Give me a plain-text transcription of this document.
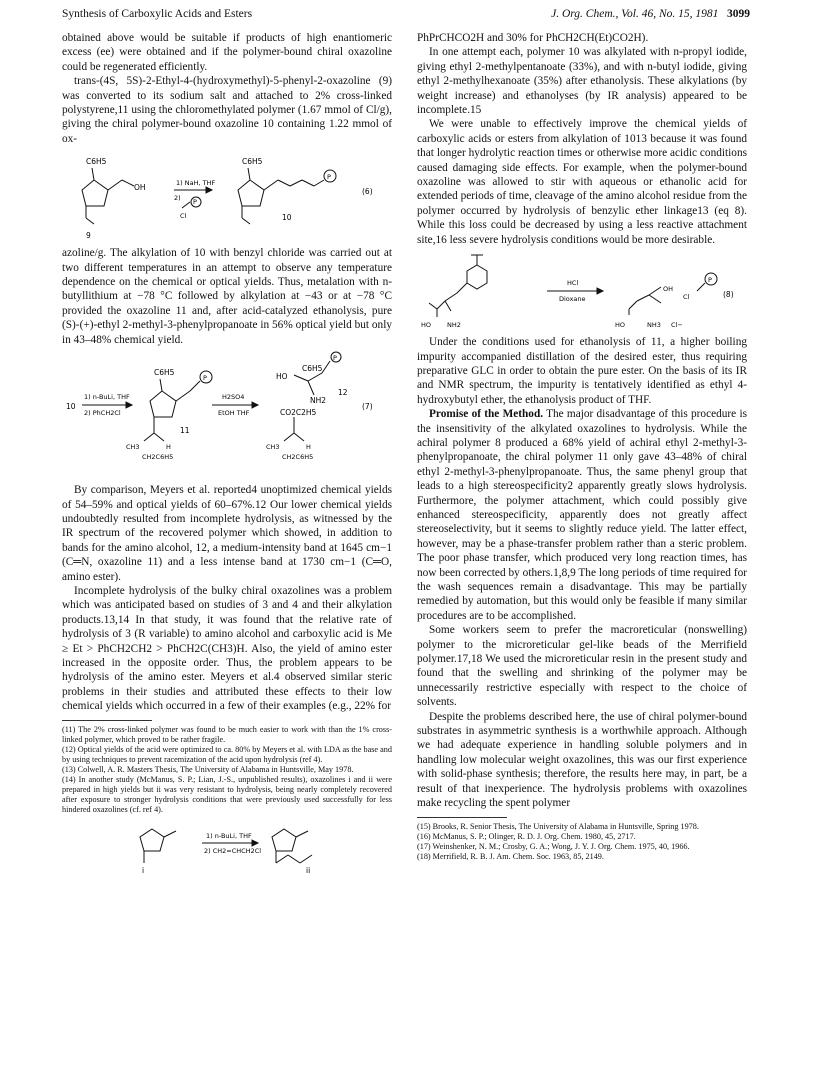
Synthesis of Carboxylic Acids and Esters	J. Org. Chem., Vol. 46, No. 15, 1981 3099

obtained above would be suitable if products of high enantiomeric excess (ee) were obtained and if the polymer-bound chiral oxazoline could be regenerated efficiently.

trans-(4S, 5S)-2-Ethyl-4-(hydroxymethyl)-5-phenyl-2-oxazoline (9) was converted to its sodium salt and attached to 2% cross-linked polystyrene,11 using the chloromethylated polymer (1.67 mmol of Cl/g), giving the chiral polymer-bound oxazoline 10 containing 1.22 mmol of ox-

C6H5
OH
9
1) NaH, THF
2) P
Cl
C6H5
P
10
(6)

azoline/g. The alkylation of 10 with benzyl chloride was carried out at two different temperatures in an attempt to observe any temperature dependence on the chemical or optical yields. Thus, metalation with n-butyllithium at −78 °C followed by alkylation at −43 or at −78 °C provided the oxazoline 11 and, after acid-catalyzed ethanolysis, pure (S)-(+)-ethyl 2-methyl-3-phenylpropanoate in 56% optical yield but only in 43–48% chemical yield.

10
1) n-BuLi, THF
2) PhCH2Cl
C6H5
P
11
CH3	H
CH2C6H5
H2SO4
EtOH THF
C6H5
P
HO
NH2
12
CO2C2H5
CH3	H
CH2C6H5
(7)

By comparison, Meyers et al. reported4 unoptimized chemical yields of 54–59% and optical yields of 60–67%.12 Our lower chemical yields undoubtedly resulted from incomplete hydrolysis, as witnessed by the IR spectrum of the recovered polymer which showed, in addition to bands for the amino alcohol, 12, a medium-intensity band at 1645 cm−1 (C═N, oxazoline 11) and a less intense band at 1730 cm−1 (C═O, amino ester).

Incomplete hydrolysis of the bulky chiral oxazolines was a problem which was anticipated based on studies of 3 and 4 and their alkylation products.13,14 In that study, it was found that the relative rate of hydrolysis of 3 (R variable) to amino alcohol and carboxylic acid is Me ≥ Et > PhCH2CH2 > PhCH2C(CH3)H. Also, the yield of amino ester increased in the opposite order. Thus, the problem appears to be hydrolysis of the amino ester. Meyers et al.4 observed similar steric problems in their studies and attributed these effects to their low chemical yields which occurred in a few of their examples (e.g., 22% for

(11) The 2% cross-linked polymer was found to be much easier to work with than the 1% cross-linked polymer, which proved to be rather fragile.

(12) Optical yields of the acid were optimized to ca. 80% by Meyers et al. with LDA as the base and by using techniques to prevent racemization of the acid upon hydrolysis (ref 4).

(13) Colwell, A. R. Masters Thesis, The University of Alabama in Huntsville, May 1978.

(14) In another study (McManus, S. P.; Lian, J.-S., unpublished results), oxazolines i and ii were prepared in high yields but ii was very resistant to hydrolysis, being nearly completely recovered after exposure to stronger hydrolysis conditions that were previously used successfully for less hindered oxazolines (cf. ref 4).

1) n-BuLi, THF
2) CH2=CHCH2Cl
i	ii

PhPrCHCO2H and 30% for PhCH2CH(Et)CO2H).

In one attempt each, polymer 10 was alkylated with n-propyl iodide, giving ethyl 2-methylpentanoate (33%), and with n-butyl iodide, giving ethyl 2-methylhexanoate (35%) after ethanolysis. These alkylations (by weight increase) and ethanolyses (by IR analysis) appeared to be incomplete.15

We were unable to effectively improve the chemical yields of carboxylic acids or esters from alkylation of 1013 because it was found that longer hydrolytic reaction times or otherwise more acidic conditions caused damaging side effects. For example, when the polymer-bound oxazoline was allowed to stir with aqueous or ethanolic acid for extended periods of time, cleavage of the amino alcohol residue from the polymer occurred by hydrolysis of benzylic ether linkage13 (eq 8). While this loss could be decreased by using a less reactive attachment site,16 less severe hydrolysis conditions would be more desirable.

HCl
Dioxane
HO NH2	HO	NH3 Cl−
OH
Cl
P
(8)

Under the conditions used for ethanolysis of 11, a higher boiling impurity accompanied distillation of the desired ester, thus requiring preparative GLC in order to obtain the pure ester. On the basis of its IR and NMR spectrum, the impurity is tentatively identified as ethyl 4-hydroxybutyl ether, the ethanolysis product of THF.

Promise of the Method. The major disadvantage of this procedure is the insensitivity of the alkylated oxazolines to hydrolysis. While the achiral polymer 8 produced a 68% yield of achiral ethyl 2-methyl-3-phenylpropanoate, the chiral polymer 11 only gave 43–48% of chiral ethyl 2-methyl-3-phenylpropanoate. Thus, the same phenyl group that leads to a high stereospecificity2 apparently greatly slows hydrolysis. Furthermore, the polymer attachment, which could possibly give enhanced stereospecificity, apparently does not greatly affect stereoselectivity, but it seems to slightly reduce yield. The latter effect, however, may be a phase-transfer problem rather than a steric problem. The poor phase transfer, which produced very long reaction times, has now been corrected by others.1,8,9 The long periods of time required for the wash sequences remain a disadvantage. This may be partially remedied by automation, but this would only be feasible if many similar procedures are to be accomplished.

Some workers seem to prefer the macroreticular (nonswelling) polymer to the microreticular gel-like beads of the Merrifield polymer.17,18 We used the microreticular resin in the present study and found that the swelling and shrinking of the polymer may be unnecessarily restrictive especially with respect to the choice of solvents.

Despite the problems described here, the use of chiral polymer-bound substrates in asymmetric synthesis is a worthwhile approach. Although we had adequate experience in handling soluble polymers and in handling low molecular weight oxazolines, this was our first experience with solid-phase synthesis; therefore, the results here may, in part, be a result of that inexperience. The hydrolysis problems with oxazolines make recycling the spent polymer

(15) Brooks, R. Senior Thesis, The University of Alabama in Huntsville, Spring 1978.

(16) McManus, S. P.; Olinger, R. D. J. Org. Chem. 1980, 45, 2717.

(17) Weinshenker, N. M.; Crosby, G. A.; Wong, J. Y. J. Org. Chem. 1975, 40, 1966.

(18) Merrifield, R. B. J. Am. Chem. Soc. 1963, 85, 2149.
